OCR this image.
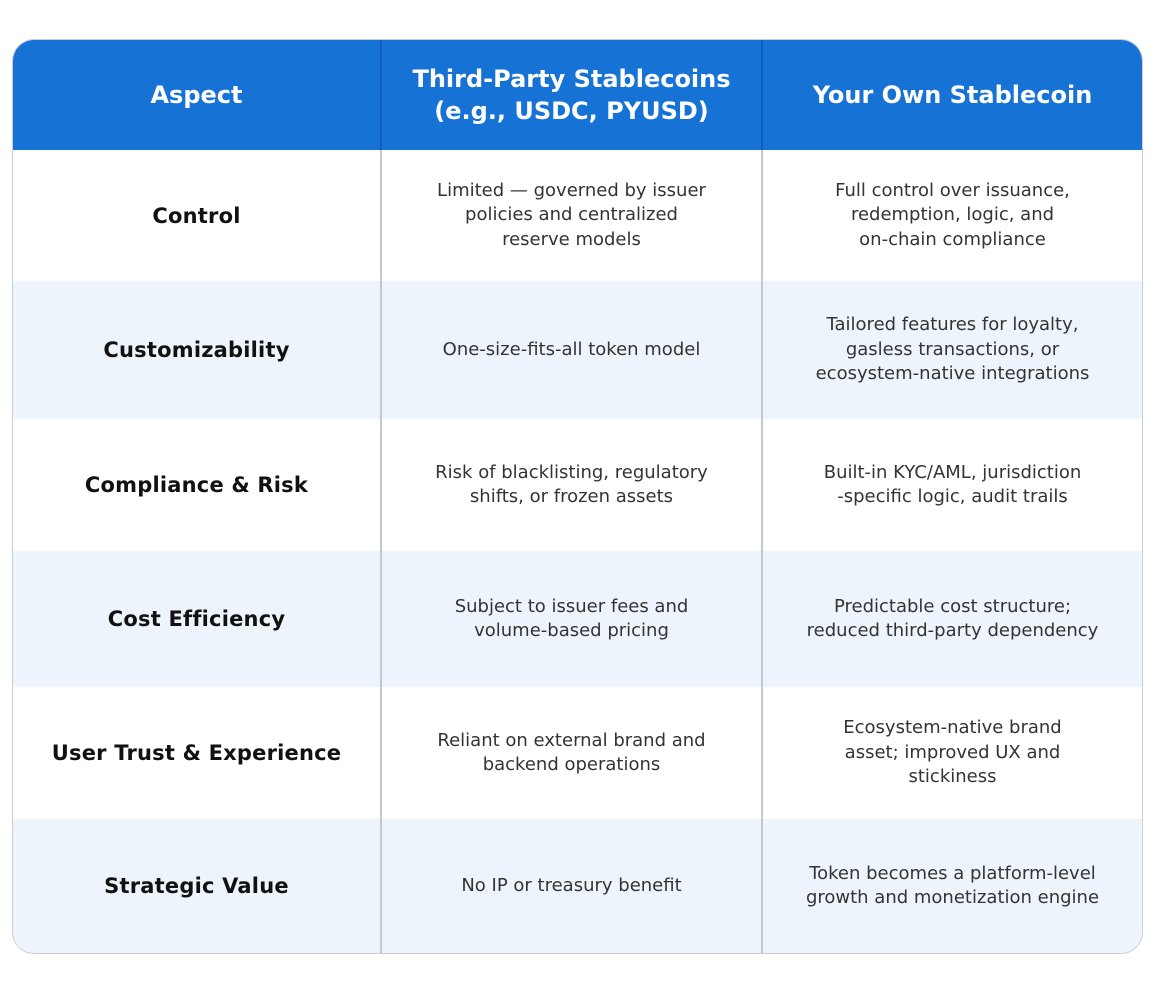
Aspect
Third-Party Stablecoins
(e.g., USDC, PYUSD)
Your Own Stablecoin
Control
Limited — governed by issuer
policies and centralized
reserve models
Full control over issuance,
redemption, logic, and
on-chain compliance
Customizability	One-size-fits-all token model
Tailored features for loyalty,
gasless transactions, or
ecosystem-native integrations
Compliance & Risk
Risk of blacklisting, regulatory
shifts, or frozen assets
Built-in KYC/AML, jurisdiction
-specific logic, audit trails
Cost Efficiency
Subject to issuer fees and
volume-based pricing
Predictable cost structure;
reduced third-party dependency
User Trust & Experience
Reliant on external brand and
backend operations
Ecosystem-native brand
asset; improved UX and
stickiness
Strategic Value	No IP or treasury benefit
Token becomes a platform-level
growth and monetization engine
